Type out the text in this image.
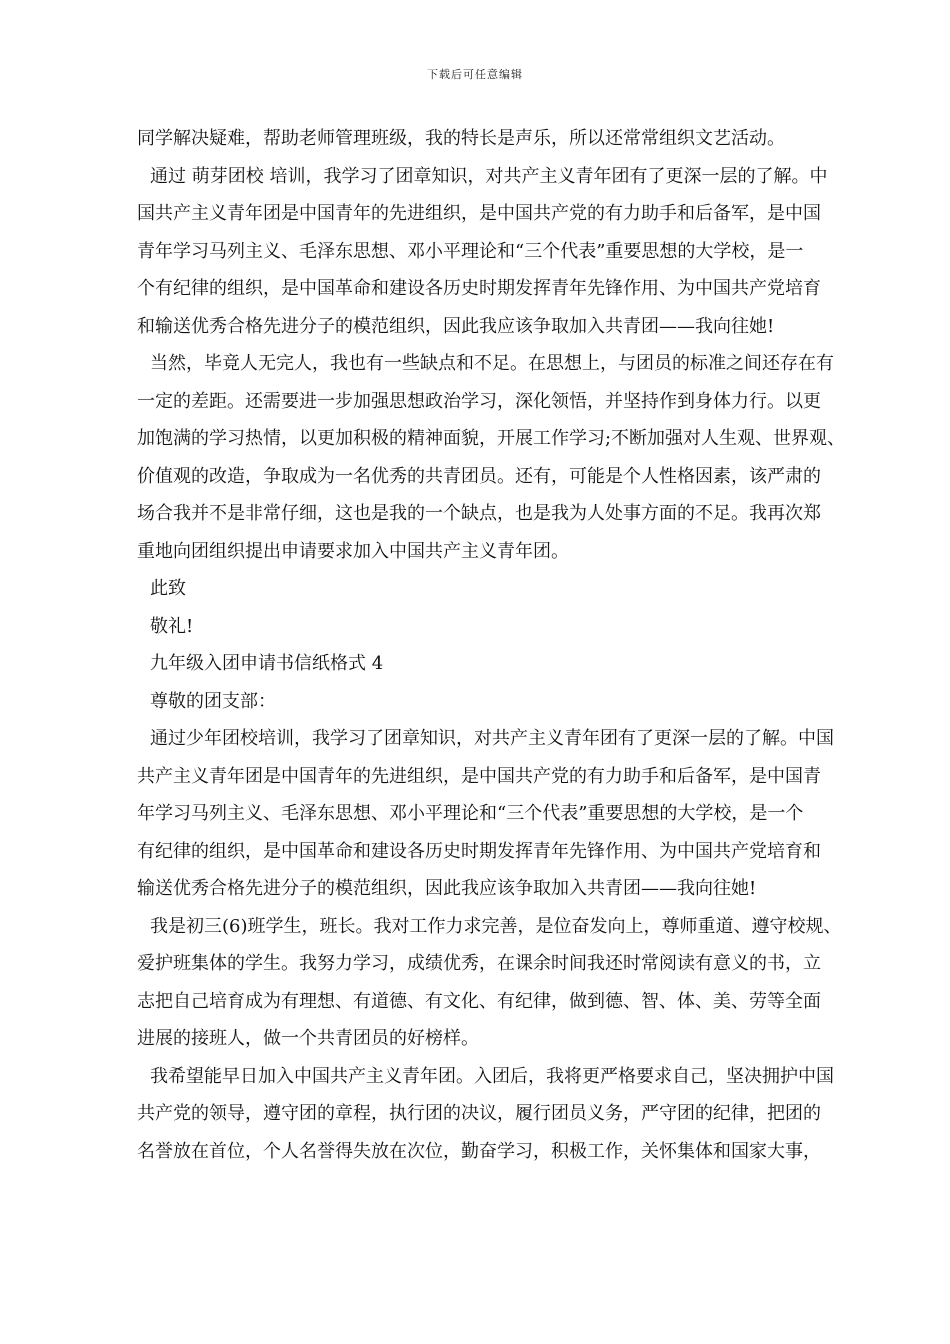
下载后可任意编辑
同学解决疑难，帮助老师管理班级，我的特长是声乐，所以还常常组织文艺活动。
通过 萌芽团校 培训，我学习了团章知识，对共产主义青年团有了更深一层的了解。中
国共产主义青年团是中国青年的先进组织，是中国共产党的有力助手和后备军，是中国
青年学习马列主义、毛泽东思想、邓小平理论和“三个代表”重要思想的大学校，是一
个有纪律的组织，是中国革命和建设各历史时期发挥青年先锋作用、为中国共产党培育
和输送优秀合格先进分子的模范组织，因此我应该争取加入共青团——我向往她!
当然，毕竟人无完人，我也有一些缺点和不足。在思想上，与团员的标准之间还存在有
一定的差距。还需要进一步加强思想政治学习，深化领悟，并坚持作到身体力行。以更
加饱满的学习热情，以更加积极的精神面貌，开展工作学习;不断加强对人生观、世界观、
价值观的改造，争取成为一名优秀的共青团员。还有，可能是个人性格因素，该严肃的
场合我并不是非常仔细，这也是我的一个缺点，也是我为人处事方面的不足。我再次郑
重地向团组织提出申请要求加入中国共产主义青年团。
此致
敬礼!
九年级入团申请书信纸格式 4
尊敬的团支部：
通过少年团校培训，我学习了团章知识，对共产主义青年团有了更深一层的了解。中国
共产主义青年团是中国青年的先进组织，是中国共产党的有力助手和后备军，是中国青
年学习马列主义、毛泽东思想、邓小平理论和“三个代表”重要思想的大学校，是一个
有纪律的组织，是中国革命和建设各历史时期发挥青年先锋作用、为中国共产党培育和
输送优秀合格先进分子的模范组织，因此我应该争取加入共青团——我向往她!
我是初三(6)班学生，班长。我对工作力求完善，是位奋发向上，尊师重道、遵守校规、
爱护班集体的学生。我努力学习，成绩优秀，在课余时间我还时常阅读有意义的书，立
志把自己培育成为有理想、有道德、有文化、有纪律，做到德、智、体、美、劳等全面
进展的接班人，做一个共青团员的好榜样。
我希望能早日加入中国共产主义青年团。入团后，我将更严格要求自己，坚决拥护中国
共产党的领导，遵守团的章程，执行团的决议，履行团员义务，严守团的纪律，把团的
名誉放在首位，个人名誉得失放在次位，勤奋学习，积极工作，关怀集体和国家大事，
